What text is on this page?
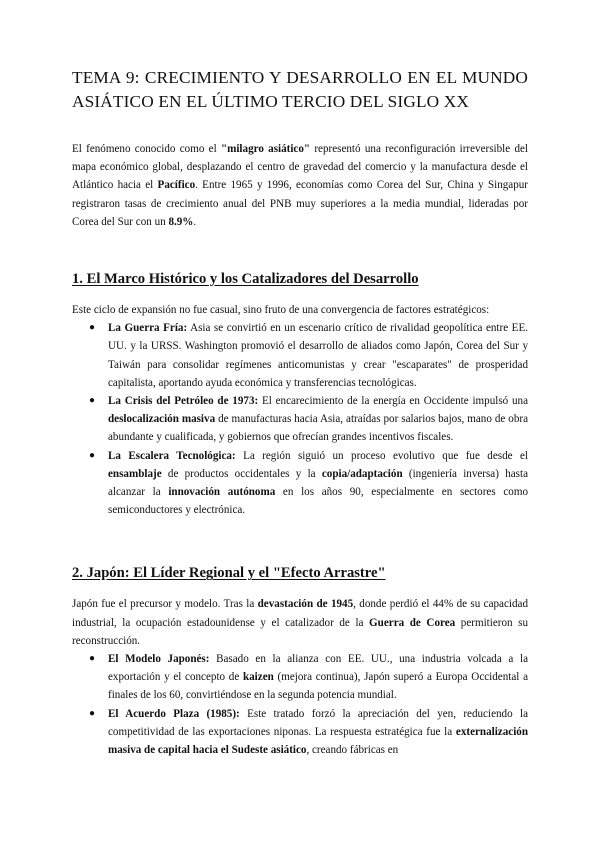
TEMA 9: CRECIMIENTO Y DESARROLLO EN EL MUNDO ASIÁTICO EN EL ÚLTIMO TERCIO DEL SIGLO XX

El fenómeno conocido como el "milagro asiático" representó una reconfiguración irreversible del mapa económico global, desplazando el centro de gravedad del comercio y la manufactura desde el Atlántico hacia el Pacífico. Entre 1965 y 1996, economías como Corea del Sur, China y Singapur registraron tasas de crecimiento anual del PNB muy superiores a la media mundial, lideradas por Corea del Sur con un 8.9%.

1. El Marco Histórico y los Catalizadores del Desarrollo

Este ciclo de expansión no fue casual, sino fruto de una convergencia de factores estratégicos:

● La Guerra Fría: Asia se convirtió en un escenario crítico de rivalidad geopolítica entre EE. UU. y la URSS. Washington promovió el desarrollo de aliados como Japón, Corea del Sur y Taiwán para consolidar regímenes anticomunistas y crear "escaparates" de prosperidad capitalista, aportando ayuda económica y transferencias tecnológicas.
● La Crisis del Petróleo de 1973: El encarecimiento de la energía en Occidente impulsó una deslocalización masiva de manufacturas hacia Asia, atraídas por salarios bajos, mano de obra abundante y cualificada, y gobiernos que ofrecían grandes incentivos fiscales.
● La Escalera Tecnológica: La región siguió un proceso evolutivo que fue desde el ensamblaje de productos occidentales y la copia/adaptación (ingeniería inversa) hasta alcanzar la innovación autónoma en los años 90, especialmente en sectores como semiconductores y electrónica.
2. Japón: El Líder Regional y el "Efecto Arrastre"

Japón fue el precursor y modelo. Tras la devastación de 1945, donde perdió el 44% de su capacidad industrial, la ocupación estadounidense y el catalizador de la Guerra de Corea permitieron su reconstrucción.

● El Modelo Japonés: Basado en la alianza con EE. UU., una industria volcada a la exportación y el concepto de kaizen (mejora continua), Japón superó a Europa Occidental a finales de los 60, convirtiéndose en la segunda potencia mundial.
● El Acuerdo Plaza (1985): Este tratado forzó la apreciación del yen, reduciendo la competitividad de las exportaciones niponas. La respuesta estratégica fue la externalización masiva de capital hacia el Sudeste asiático, creando fábricas en
